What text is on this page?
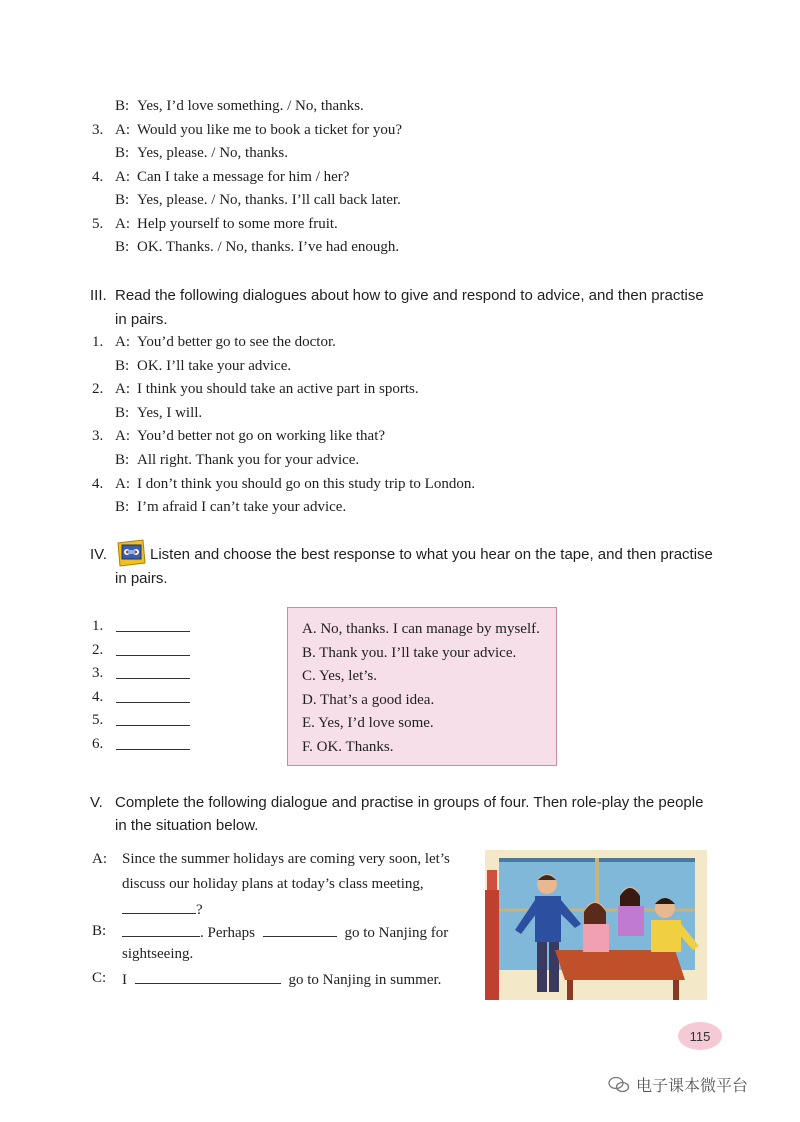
B: Yes, I’d love something. / No, thanks.
3. A: Would you like me to book a ticket for you?
B: Yes, please. / No, thanks.
4. A: Can I take a message for him / her?
B: Yes, please. / No, thanks. I’ll call back later.
5. A: Help yourself to some more fruit.
B: OK. Thanks. / No, thanks. I’ve had enough.
III. Read the following dialogues about how to give and respond to advice, and then practise
in pairs.
1. A: You’d better go to see the doctor.
B: OK. I’ll take your advice.
2. A: I think you should take an active part in sports.
B: Yes, I will.
3. A: You’d better not go on working like that?
B: All right. Thank you for your advice.
4. A: I don’t think you should go on this study trip to London.
B: I’m afraid I can’t take your advice.
IV.	Listen and choose the best response to what you hear on the tape, and then practise
in pairs.
1.
2.
3.
4.
5.
6.
A. No, thanks. I can manage by myself.
B. Thank you. I’ll take your advice.
C. Yes, let’s.
D. That’s a good idea.
E. Yes, I’d love some.
F. OK. Thanks.
V. Complete the following dialogue and practise in groups of four. Then role-play the people
in the situation below.
A: Since the summer holidays are coming very soon, let’s
discuss our holiday plans at today’s class meeting,
?
B:	. Perhaps	go to Nanjing for
sightseeing.
C: I	go to Nanjing in summer.
115
电子课本微平台
